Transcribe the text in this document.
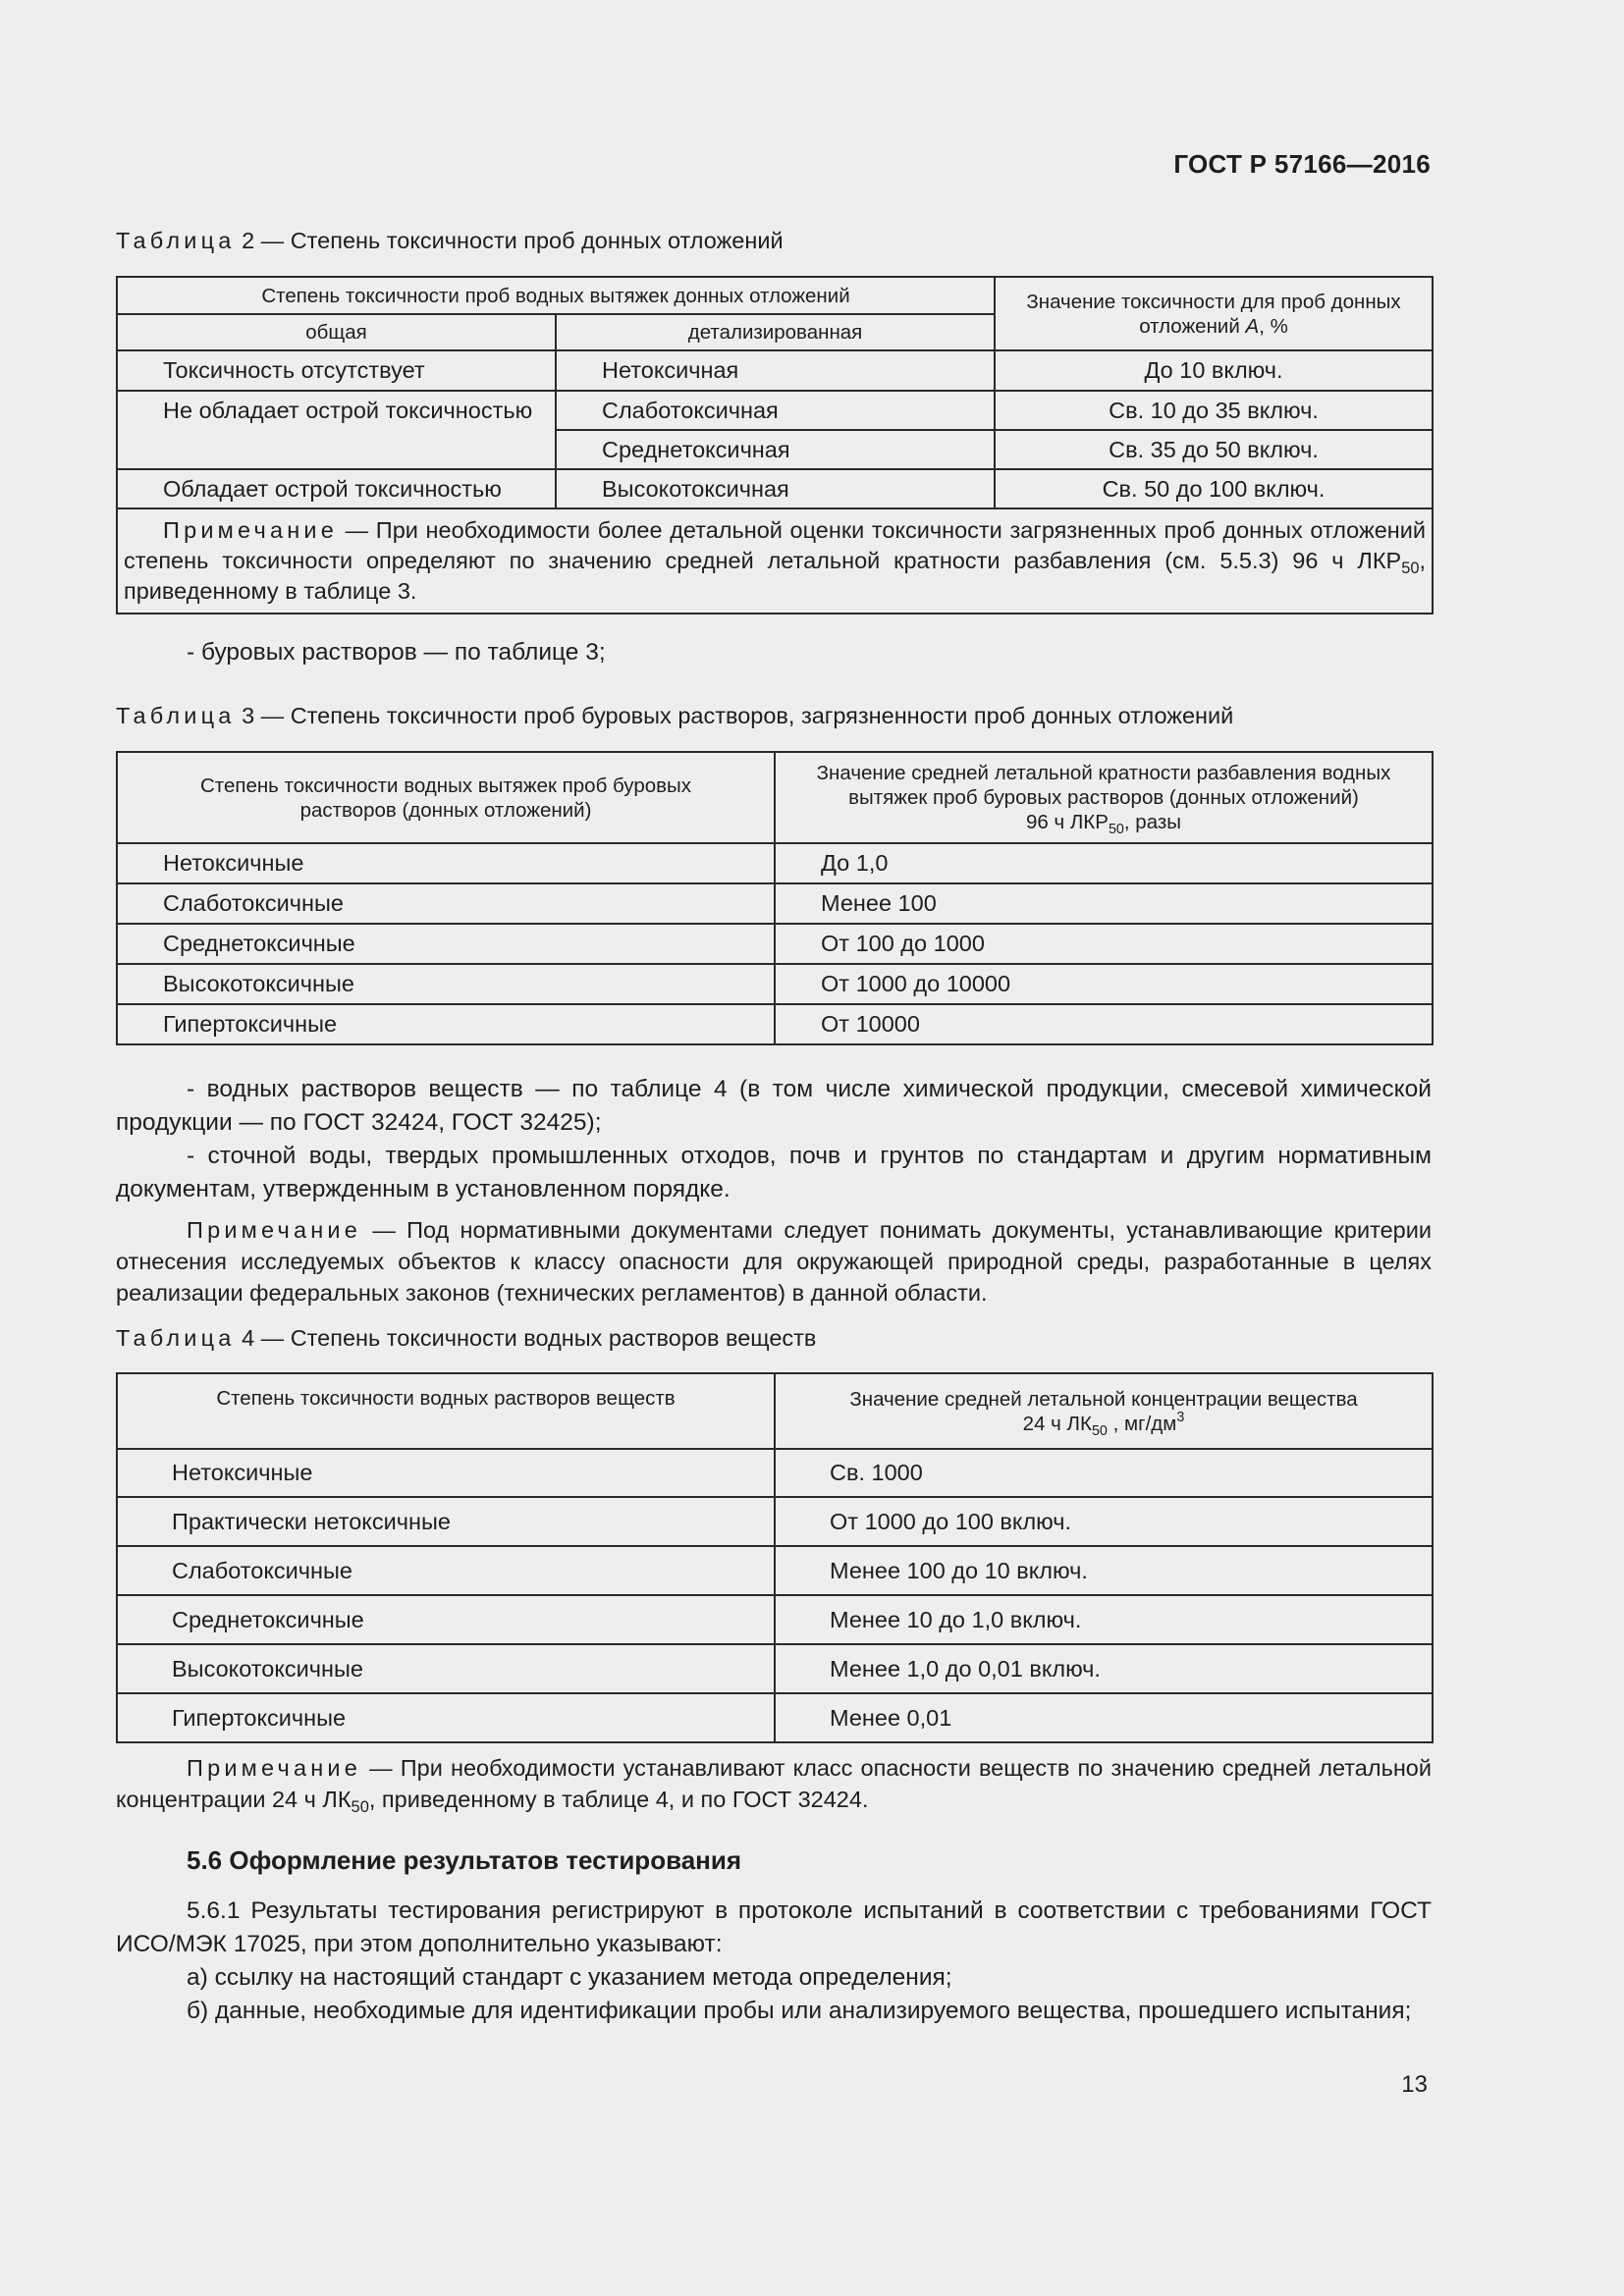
ГОСТ Р 57166—2016
Таблица 2 — Степень токсичности проб донных отложений
Степень токсичности проб водных вытяжек донных отложений		Значение токсичности для проб донных отложений A, %
общая	детализированная	
Токсичность отсутствует	Нетоксичная	До 10 включ.
Не обладает острой токсичностью	Слаботоксичная	Св. 10 до 35 включ.
	Среднетоксичная	Св. 35 до 50 включ.
Обладает острой токсичностью	Высокотоксичная	Св. 50 до 100 включ.
Примечание — При необходимости более детальной оценки токсичности загрязненных проб донных отложений степень токсичности определяют по значению средней летальной кратности разбавления (см. 5.5.3) 96 ч $ЛКР_{50}$, приведенному в таблице 3.		

- буровых растворов — по таблице 3;

Таблица 3 — Степень токсичности проб буровых растворов, загрязненности проб донных отложений
Степень токсичности водных вытяжек проб буровых растворов (донных отложений)	Значение средней летальной кратности разбавления водных вытяжек проб буровых растворов (донных отложений)
96 ч $ЛКР_{50}$, разы
Нетоксичные	До 1,0
Слаботоксичные	Менее 100
Среднетоксичные	От 100 до 1000
Высокотоксичные	От 1000 до 10000
Гипертоксичные	От 10000

- водных растворов веществ — по таблице 4 (в том числе химической продукции, смесевой химической продукции — по ГОСТ 32424, ГОСТ 32425);

- сточной воды, твердых промышленных отходов, почв и грунтов по стандартам и другим нормативным документам, утвержденным в установленном порядке.

Примечание — Под нормативными документами следует понимать документы, устанавливающие критерии отнесения исследуемых объектов к классу опасности для окружающей природной среды, разработанные в целях реализации федеральных законов (технических регламентов) в данной области.

Таблица 4 — Степень токсичности водных растворов веществ
Степень токсичности водных растворов веществ	Значение средней летальной концентрации вещества
24 ч $ЛК_{50}$ , $мг/дм^3$
Нетоксичные	Св. 1000
Практически нетоксичные	От 1000 до 100 включ.
Слаботоксичные	Менее 100 до 10 включ.
Среднетоксичные	Менее 10 до 1,0 включ.
Высокотоксичные	Менее 1,0 до 0,01 включ.
Гипертоксичные	Менее 0,01

Примечание — При необходимости устанавливают класс опасности веществ по значению средней летальной концентрации 24 ч $ЛК_{50}$, приведенному в таблице 4, и по ГОСТ 32424.

5.6 Оформление результатов тестирования

5.6.1 Результаты тестирования регистрируют в протоколе испытаний в соответствии с требованиями ГОСТ ИСО/МЭК 17025, при этом дополнительно указывают:

а) ссылку на настоящий стандарт с указанием метода определения;

б) данные, необходимые для идентификации пробы или анализируемого вещества, прошедшего испытания;

13
